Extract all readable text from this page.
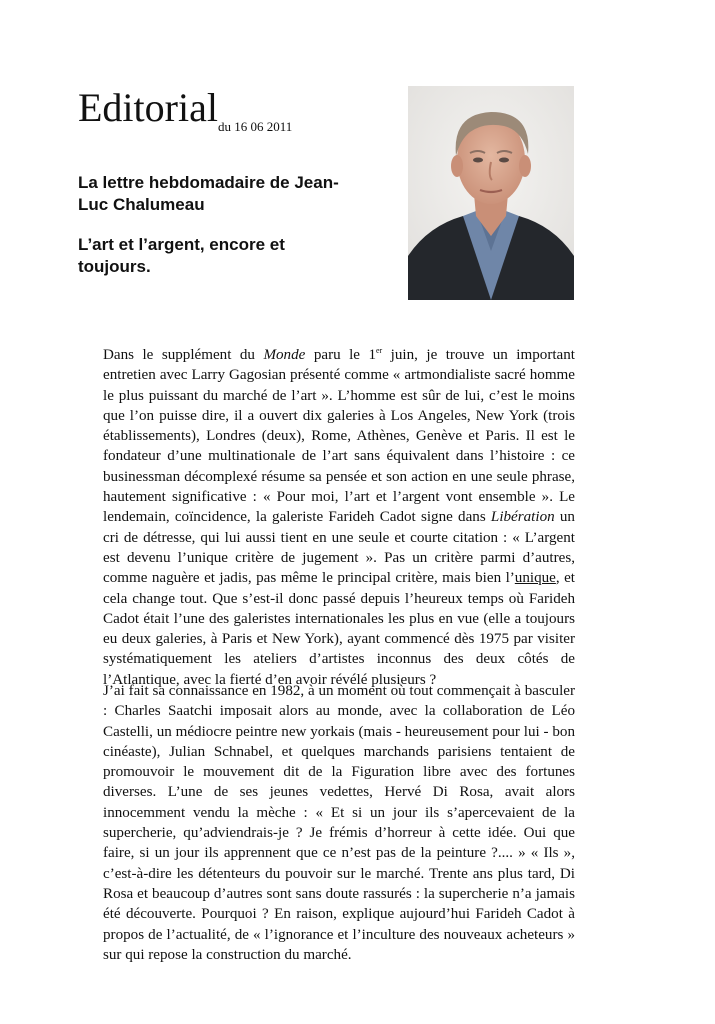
Editorial du 16 06 2011
La lettre hebdomadaire de Jean-Luc Chalumeau
L’art et l’argent, encore et toujours.

Dans le supplément du Monde paru le 1er juin, je trouve un important entretien avec Larry Gagosian présenté comme « artmondialiste sacré homme le plus puissant du marché de l’art ». L’homme est sûr de lui, c’est le moins que l’on puisse dire, il a ouvert dix galeries à Los Angeles, New York (trois établissements), Londres (deux), Rome, Athènes, Genève et Paris. Il est le fondateur d’une multinationale de l’art sans équivalent dans l’histoire : ce businessman décomplexé résume sa pensée et son action en une seule phrase, hautement significative : « Pour moi, l’art et l’argent vont ensemble ». Le lendemain, coïncidence, la galeriste Farideh Cadot signe dans Libération un cri de détresse, qui lui aussi tient en une seule et courte citation : « L’argent est devenu l’unique critère de jugement ». Pas un critère parmi d’autres, comme naguère et jadis, pas même le principal critère, mais bien l’unique, et cela change tout. Que s’est-il donc passé depuis l’heureux temps où Farideh Cadot était l’une des galeristes internationales les plus en vue (elle a toujours eu deux galeries, à Paris et New York), ayant commencé dès 1975 par visiter systématiquement les ateliers d’artistes inconnus des deux côtés de l’Atlantique, avec la fierté d’en avoir révélé plusieurs ?

J’ai fait sa connaissance en 1982, à un moment où tout commençait à basculer : Charles Saatchi imposait alors au monde, avec la collaboration de Léo Castelli, un médiocre peintre new yorkais (mais - heureusement pour lui - bon cinéaste), Julian Schnabel, et quelques marchands parisiens tentaient de promouvoir le mouvement dit de la Figuration libre avec des fortunes diverses. L’une de ses jeunes vedettes, Hervé Di Rosa, avait alors innocemment vendu la mèche : « Et si un jour ils s’apercevaient de la supercherie, qu’adviendrais-je ? Je frémis d’horreur à cette idée. Oui que faire, si un jour ils apprennent que ce n’est pas de la peinture ?.... » « Ils », c’est-à-dire les détenteurs du pouvoir sur le marché. Trente ans plus tard, Di Rosa et beaucoup d’autres sont sans doute rassurés : la supercherie n’a jamais été découverte. Pourquoi ? En raison, explique aujourd’hui Farideh Cadot à propos de l’actualité, de « l’ignorance et l’inculture des nouveaux acheteurs » sur qui repose la construction du marché.
